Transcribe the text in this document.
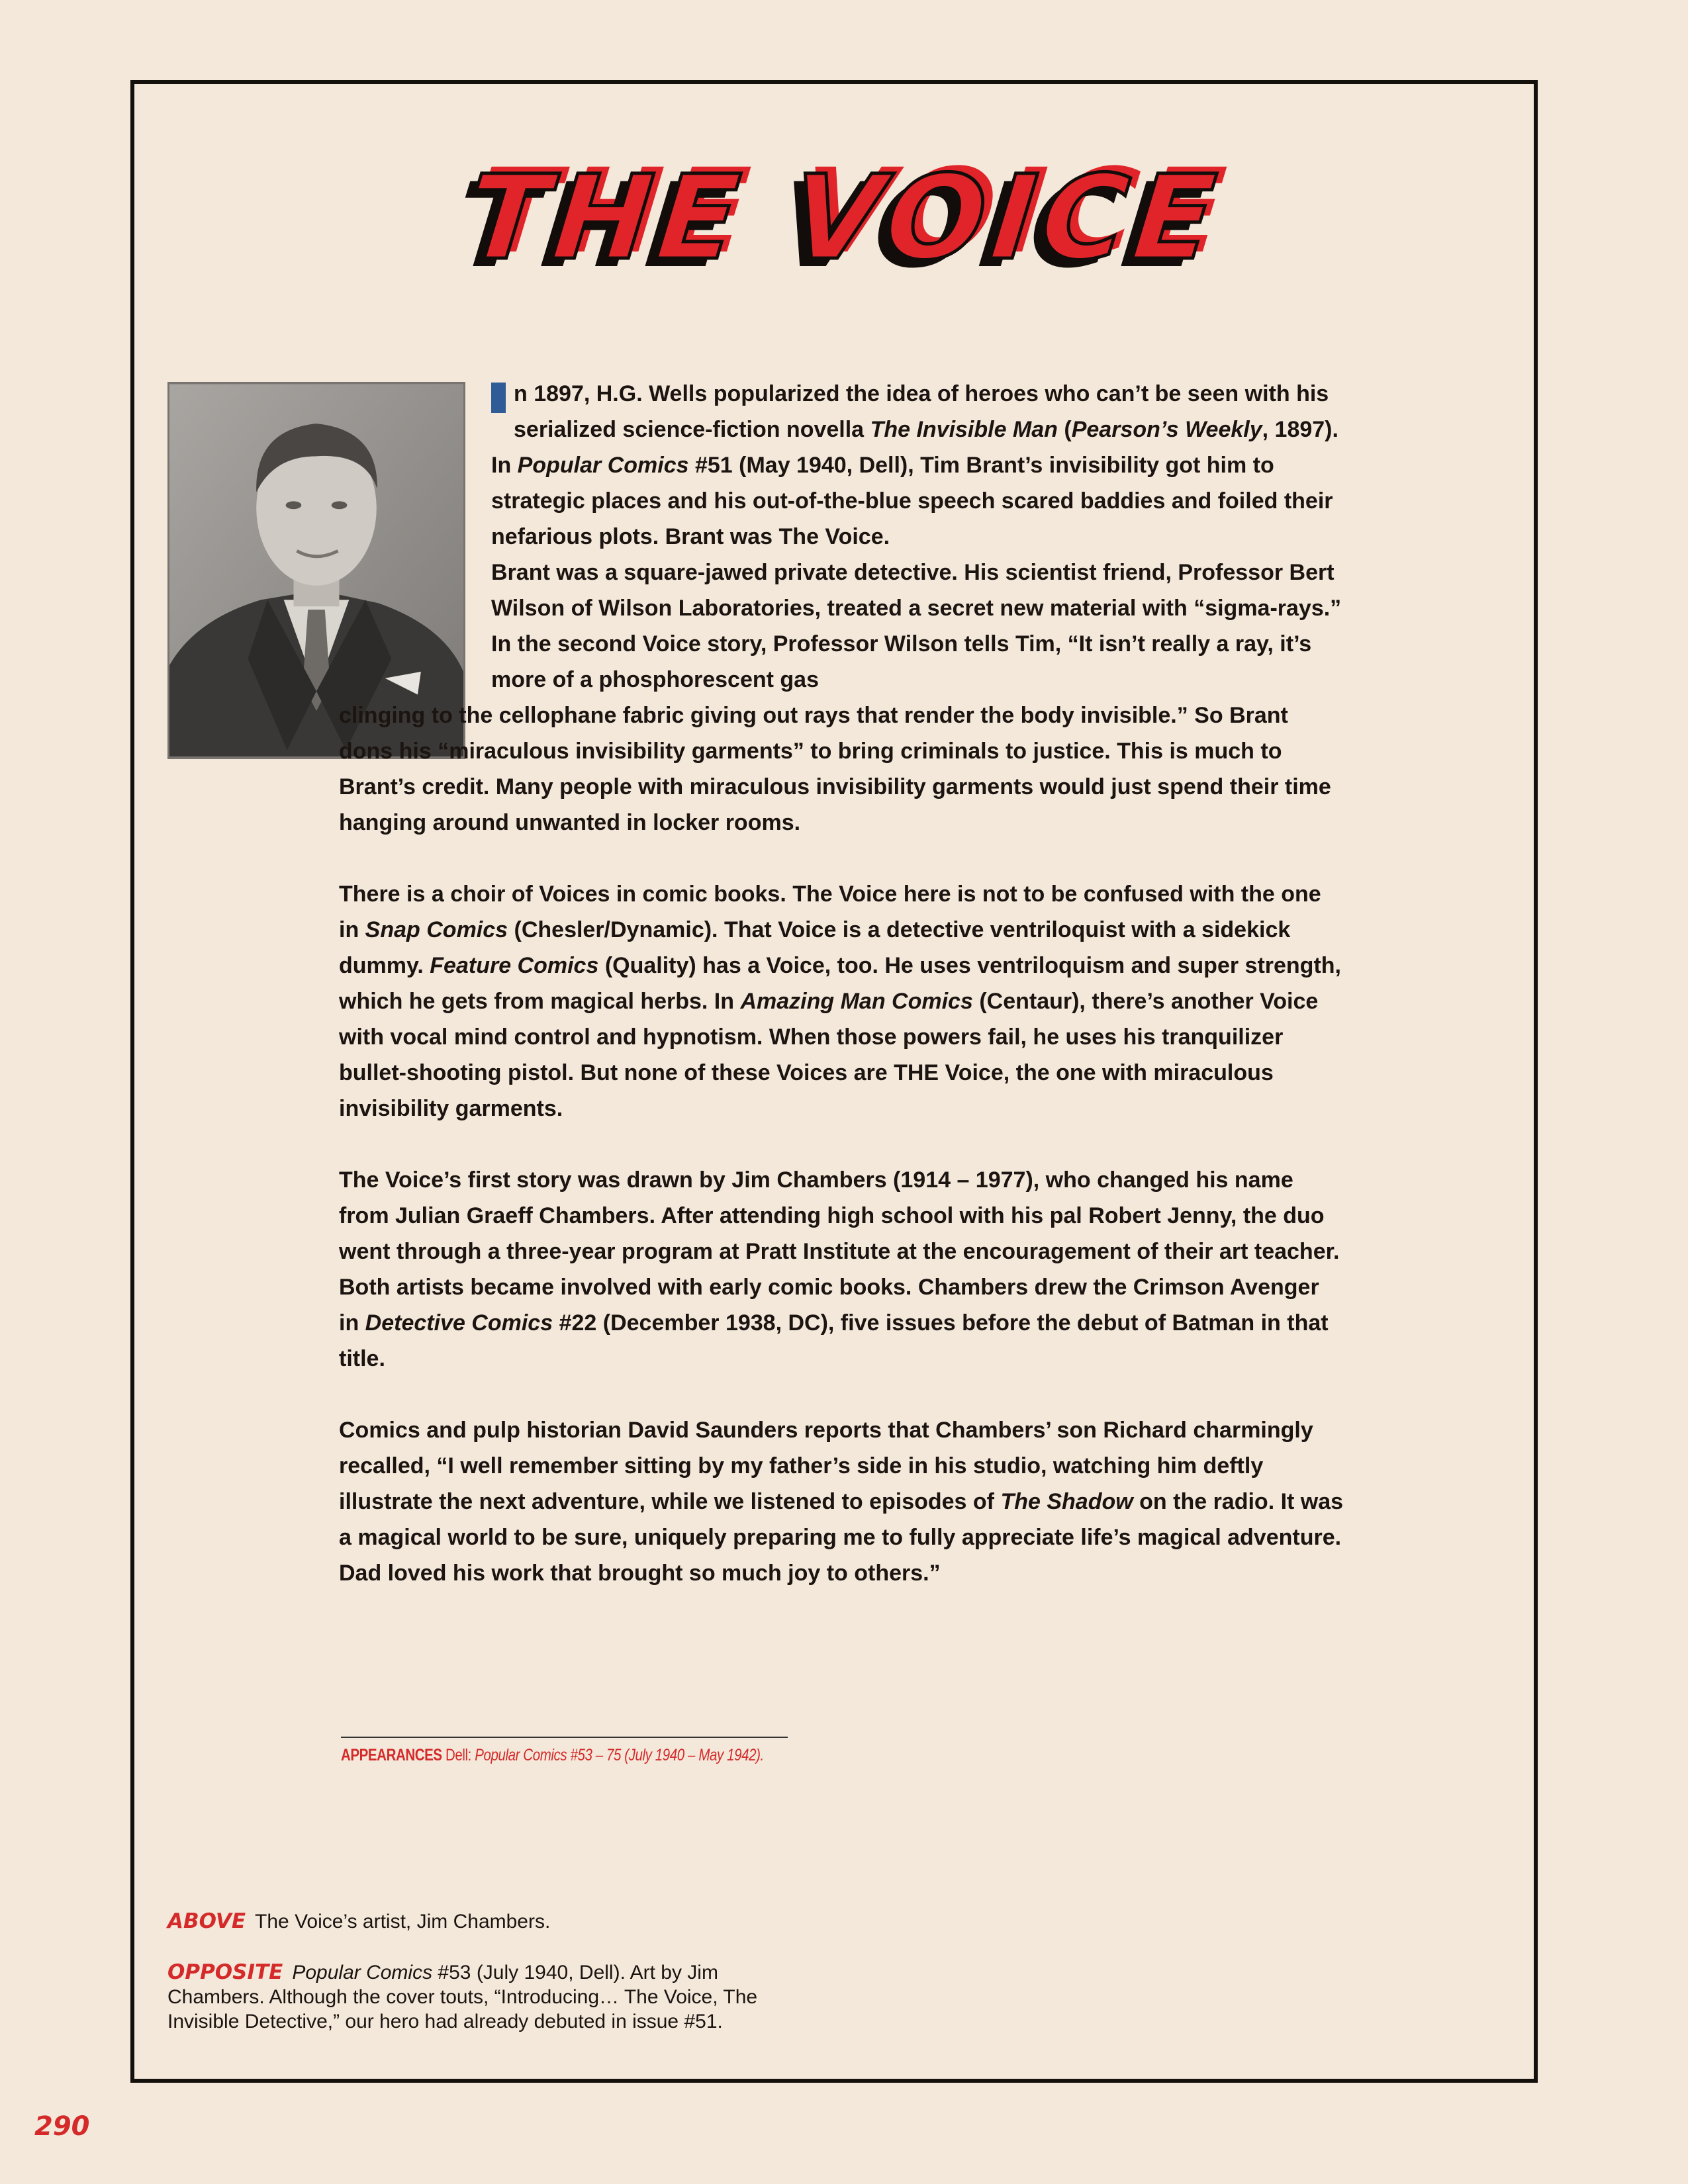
THE VOICE

n 1897, H.G. Wells popularized the idea of heroes who can’t be seen with his serialized science-fiction novella The Invisible Man (Pearson’s Weekly, 1897). In Popular Comics #51 (May 1940, Dell), Tim Brant’s invisibility got him to strategic places and his out-of-the-blue speech scared baddies and foiled their nefarious plots. Brant was The Voice.

Brant was a square-jawed private detective. His scientist friend, Professor Bert Wilson of Wilson Laboratories, treated a secret new material with “sigma-rays.” In the second Voice story, Professor Wilson tells Tim, “It isn’t really a ray, it’s more of a phosphorescent gas
clinging to the cellophane fabric giving out rays that render the body invisible.” So Brant dons his “miraculous invisibility garments” to bring criminals to justice. This is much to Brant’s credit. Many people with miraculous invisibility garments would just spend their time hanging around unwanted in locker rooms.

There is a choir of Voices in comic books. The Voice here is not to be confused with the one in Snap Comics (Chesler/Dynamic). That Voice is a detective ventriloquist with a sidekick dummy. Feature Comics (Quality) has a Voice, too. He uses ventriloquism and super strength, which he gets from magical herbs. In Amazing Man Comics (Centaur), there’s another Voice with vocal mind control and hypnotism. When those powers fail, he uses his tranquilizer bullet-shooting pistol. But none of these Voices are THE Voice, the one with miraculous invisibility garments.

The Voice’s first story was drawn by Jim Chambers (1914 – 1977), who changed his name from Julian Graeff Chambers. After attending high school with his pal Robert Jenny, the duo went through a three-year program at Pratt Institute at the encouragement of their art teacher. Both artists became involved with early comic books. Chambers drew the Crimson Avenger in Detective Comics #22 (December 1938, DC), five issues before the debut of Batman in that title.

Comics and pulp historian David Saunders reports that Chambers’ son Richard charmingly recalled, “I well remember sitting by my father’s side in his studio, watching him deftly illustrate the next adventure, while we listened to episodes of The Shadow on the radio. It was a magical world to be sure, uniquely preparing me to fully appreciate life’s magical adventure. Dad loved his work that brought so much joy to others.”

APPEARANCES Dell: Popular Comics #53 – 75 (July 1940 – May 1942).
ABOVE The Voice’s artist, Jim Chambers.
OPPOSITE Popular Comics #53 (July 1940, Dell). Art by Jim Chambers. Although the cover touts, “Introducing… The Voice, The Invisible Detective,” our hero had already debuted in issue #51.
290
